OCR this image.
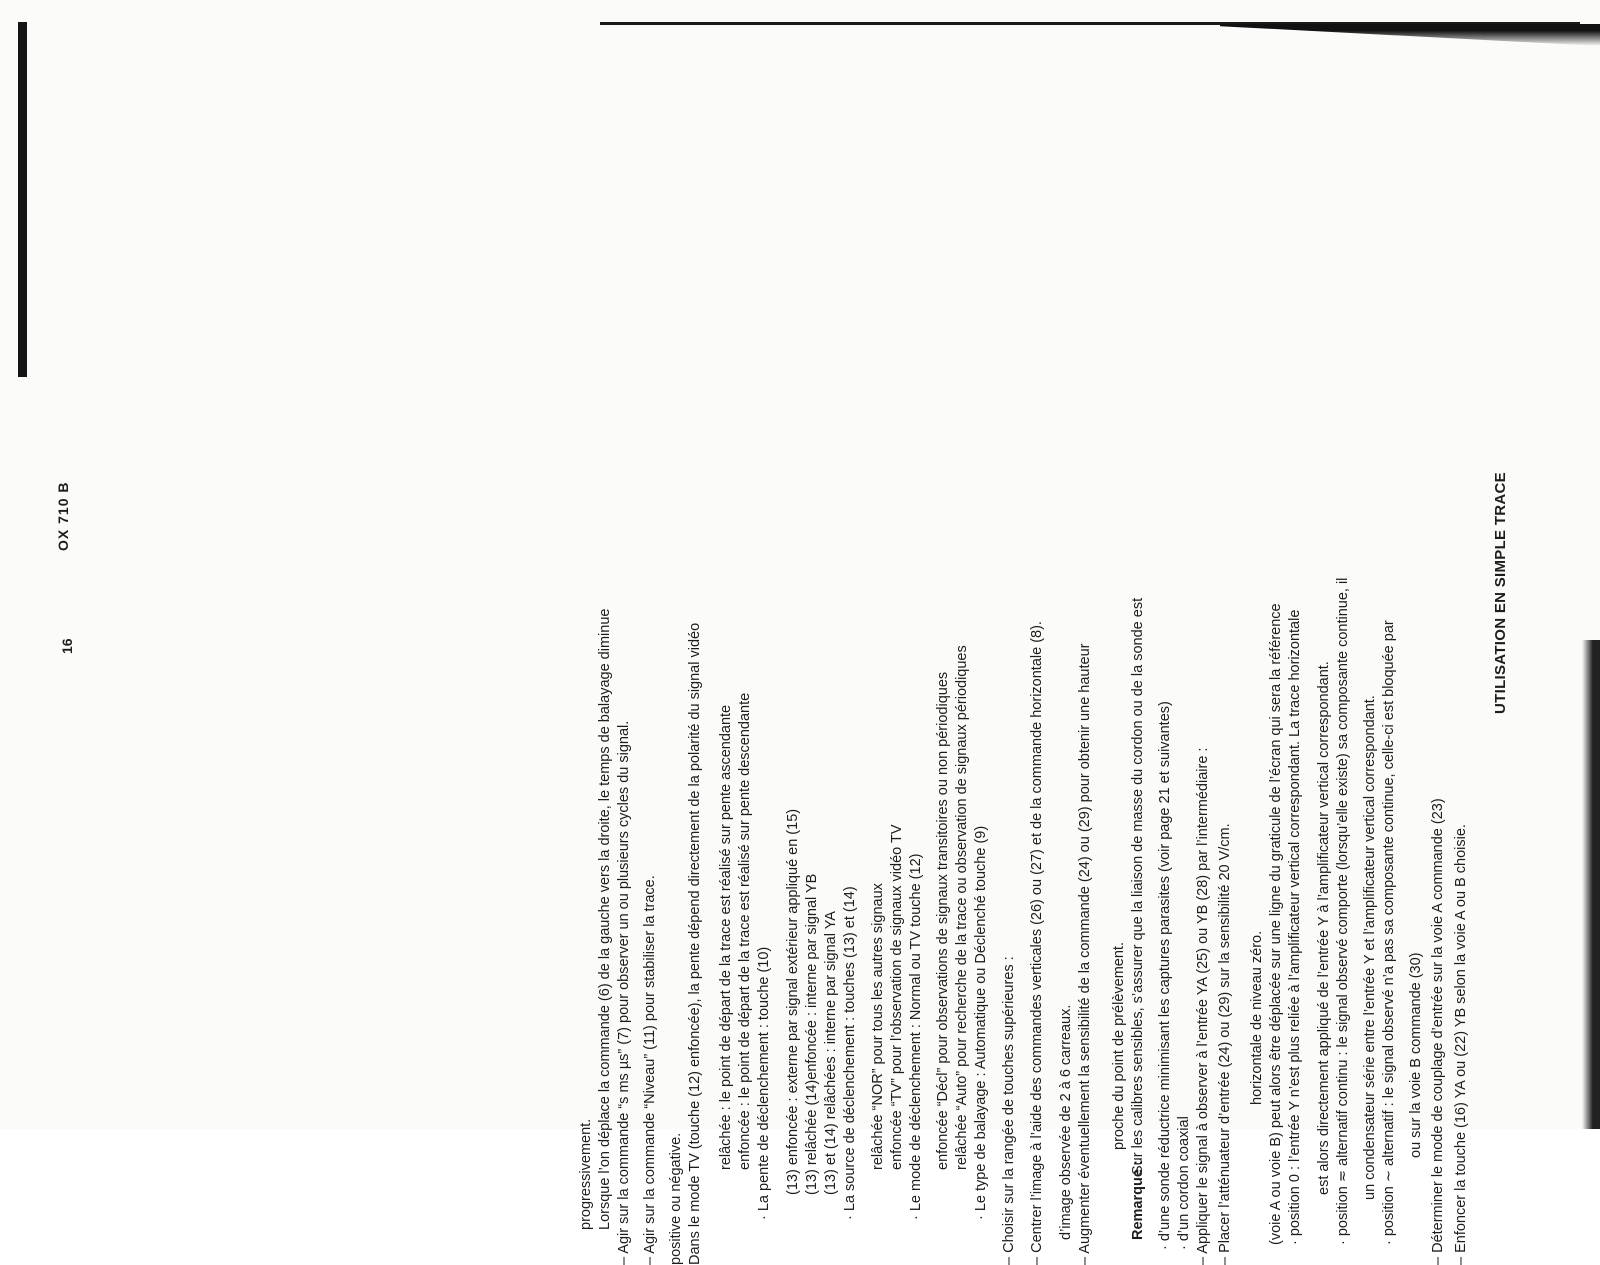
UTILISATION EN SIMPLE TRACE
OX 710 B
16
– Enfoncer la touche (16) YA ou (22) YB selon la voie A ou B choisie.
– Déterminer le mode de couplage d’entrée sur la voie A commande (23)
ou sur la voie B commande (30)
· position ∼ alternatif : le signal observé n’a pas sa composante continue, celle-ci est bloquée par
un condensateur série entre l’entrée Y et l’amplificateur vertical correspondant.
· position ≂ alternatif continu : le signal observé comporte (lorsqu’elle existe) sa composante continue, il
est alors directement appliqué de l’entrée Y à l’amplificateur vertical correspondant.
· position 0 : l’entrée Y n’est plus reliée à l’amplificateur vertical correspondant. La trace horizontale
(voie A ou voie B) peut alors être déplacée sur une ligne du graticule de l’écran qui sera la référence
horizontale de niveau zéro.
– Placer l’atténuateur d’entrée (24) ou (29) sur la sensibilité 20 V/cm.
– Appliquer le signal à observer à l’entrée YA (25) ou YB (28) par l’intermédiaire :
· d’un cordon coaxial
· d’une sonde réductrice minimisant les captures parasites (voir page 21 et suivantes)
Remarque :
Sur les calibres sensibles, s’assurer que la liaison de masse du cordon ou de la sonde est
proche du point de prélèvement.
– Augmenter éventuellement la sensibilité de la commande (24) ou (29) pour obtenir une hauteur
d’image observée de 2 à 6 carreaux.
– Centrer l’image à l’aide des commandes verticales (26) ou (27) et de la commande horizontale (8).
– Choisir sur la rangée de touches supérieures :
· Le type de balayage : Automatique ou Déclenché touche (9)
relâchée “Auto” pour recherche de la trace ou observation de signaux périodiques
enfoncée “Décl” pour observations de signaux transitoires ou non périodiques
· Le mode de déclenchement : Normal ou TV touche (12)
enfoncée “TV” pour l’observation de signaux vidéo TV
relâchée “NOR” pour tous les autres signaux
· La source de déclenchement : touches (13) et (14)
(13) et (14) relâchées : interne par signal YA
(13) relâchée (14)enfoncée : interne par signal YB
(13) enfoncée : externe par signal extérieur appliqué en (15)
· La pente de déclenchement : touche (10)
enfoncée : le point de départ de la trace est réalisé sur pente descendante
relâchée : le point de départ de la trace est réalisé sur pente ascendante
Dans le mode TV (touche (12) enfoncée), la pente dépend directement de la polarité du signal vidéo
positive ou négative.
– Agir sur la commande “Niveau” (11) pour stabiliser la trace.
– Agir sur la commande “s ms µs” (7) pour observer un ou plusieurs cycles du signal.
Lorsque l’on déplace la commande (6) de la gauche vers la droite, le temps de balayage diminue
progressivement.
